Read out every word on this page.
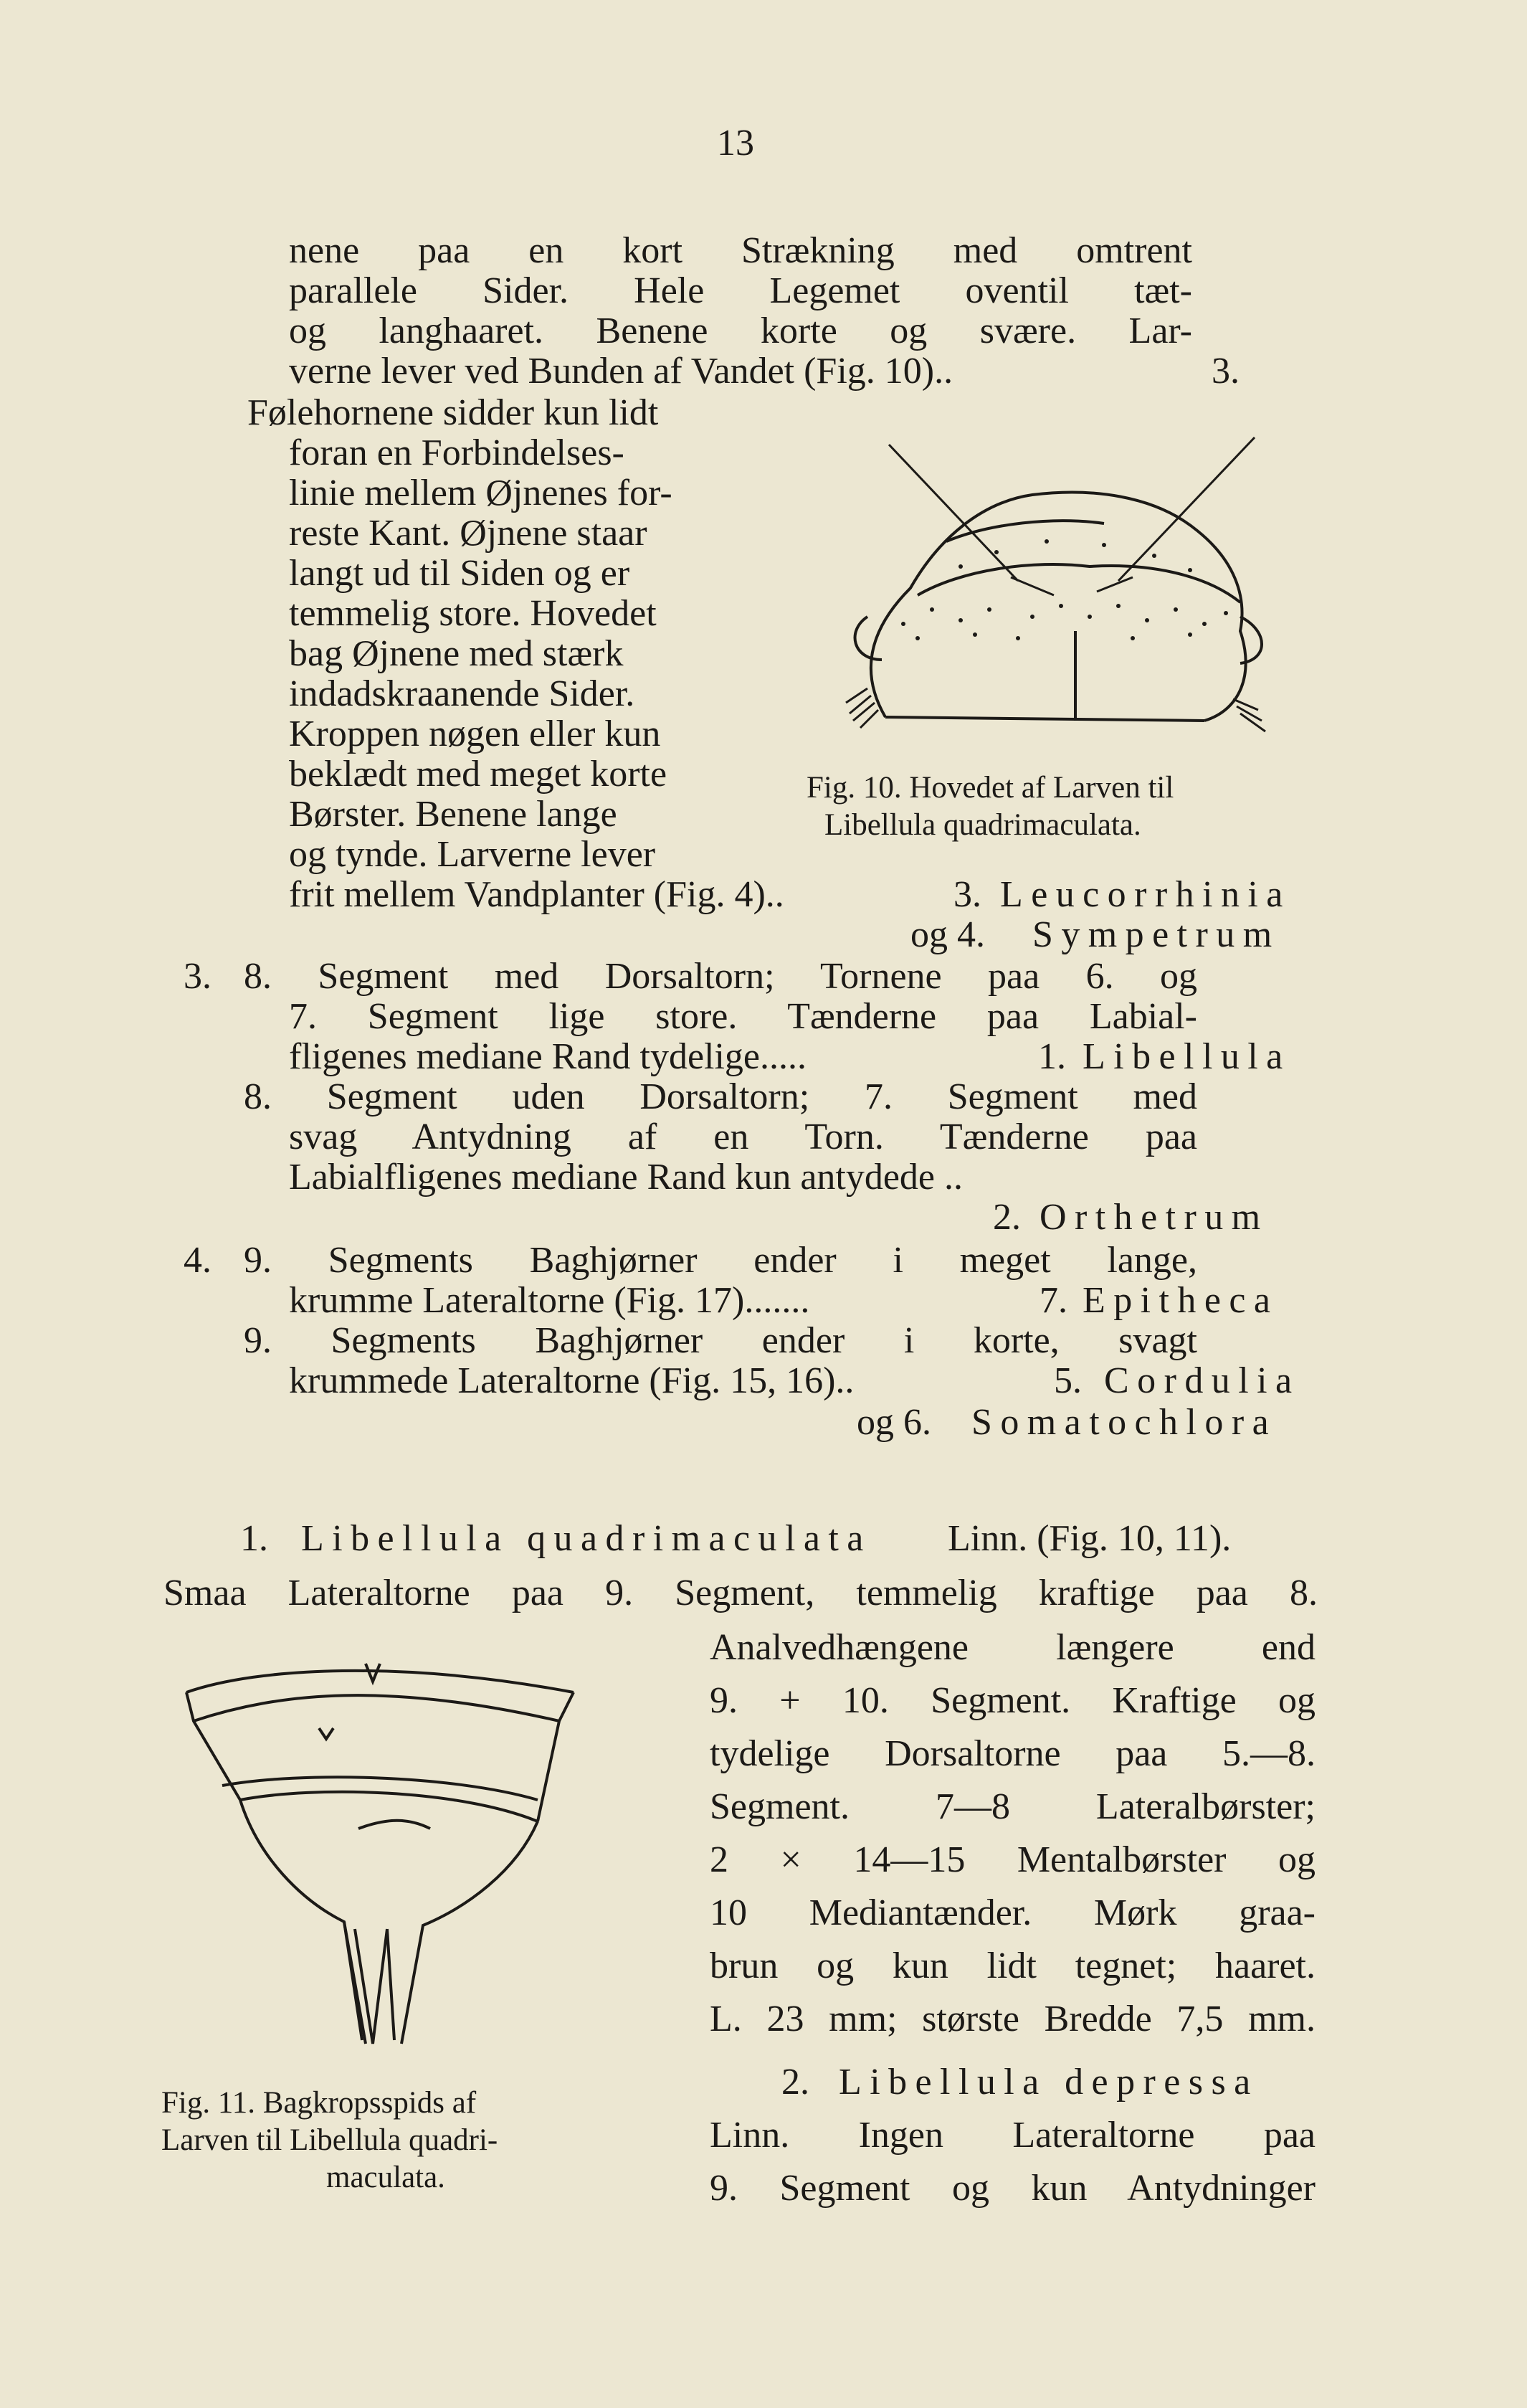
13
nene paa en kort Strækning med omtrent
parallele Sider. Hele Legemet oventil tæt-
og langhaaret. Benene korte og svære. Lar-
verne lever ved Bunden af Vandet (Fig. 10)..	3.
Følehornene sidder kun lidt
foran en Forbindelses-
linie mellem Øjnenes for-
reste Kant. Øjnene staar
langt ud til Siden og er
temmelig store. Hovedet
bag Øjnene med stærk
indadskraanende Sider.
Kroppen nøgen eller kun
beklædt med meget korte
Børster. Benene lange
og tynde. Larverne lever
frit mellem Vandplanter (Fig. 4)..	3. Leucorrhinia
og 4. Sympetrum
Fig. 10. Hovedet af Larven til
Libellula quadrimaculata.
3. 8. Segment med Dorsaltorn; Tornene paa 6. og
7. Segment lige store. Tænderne paa Labial-
fligenes mediane Rand tydelige.....	1. Libellula
8. Segment uden Dorsaltorn; 7. Segment med
svag Antydning af en Torn. Tænderne paa
Labialfligenes mediane Rand kun antydede ..
2. Orthetrum
4. 9. Segments Baghjørner ender i meget lange,
krumme Lateraltorne (Fig. 17).......	7. Epitheca
9. Segments Baghjørner ender i korte, svagt
krummede Lateraltorne (Fig. 15, 16)..	5. Cordulia
og 6. Somatochlora
1. Libellula quadrimaculata Linn. (Fig. 10, 11).
Smaa Lateraltorne paa 9. Segment, temmelig kraftige paa 8.
Analvedhængene længere end
9. + 10. Segment. Kraftige og
tydelige Dorsaltorne paa 5.—8.
Segment. 7—8 Lateralbørster;
2 × 14—15 Mentalbørster og
10 Mediantænder. Mørk graa-
brun og kun lidt tegnet; haaret.
L. 23 mm; største Bredde 7,5 mm.
2. Libellula depressa
Linn. Ingen Lateraltorne paa
9. Segment og kun Antydninger
Fig. 11. Bagkropsspids af
Larven til Libellula quadri-
maculata.
